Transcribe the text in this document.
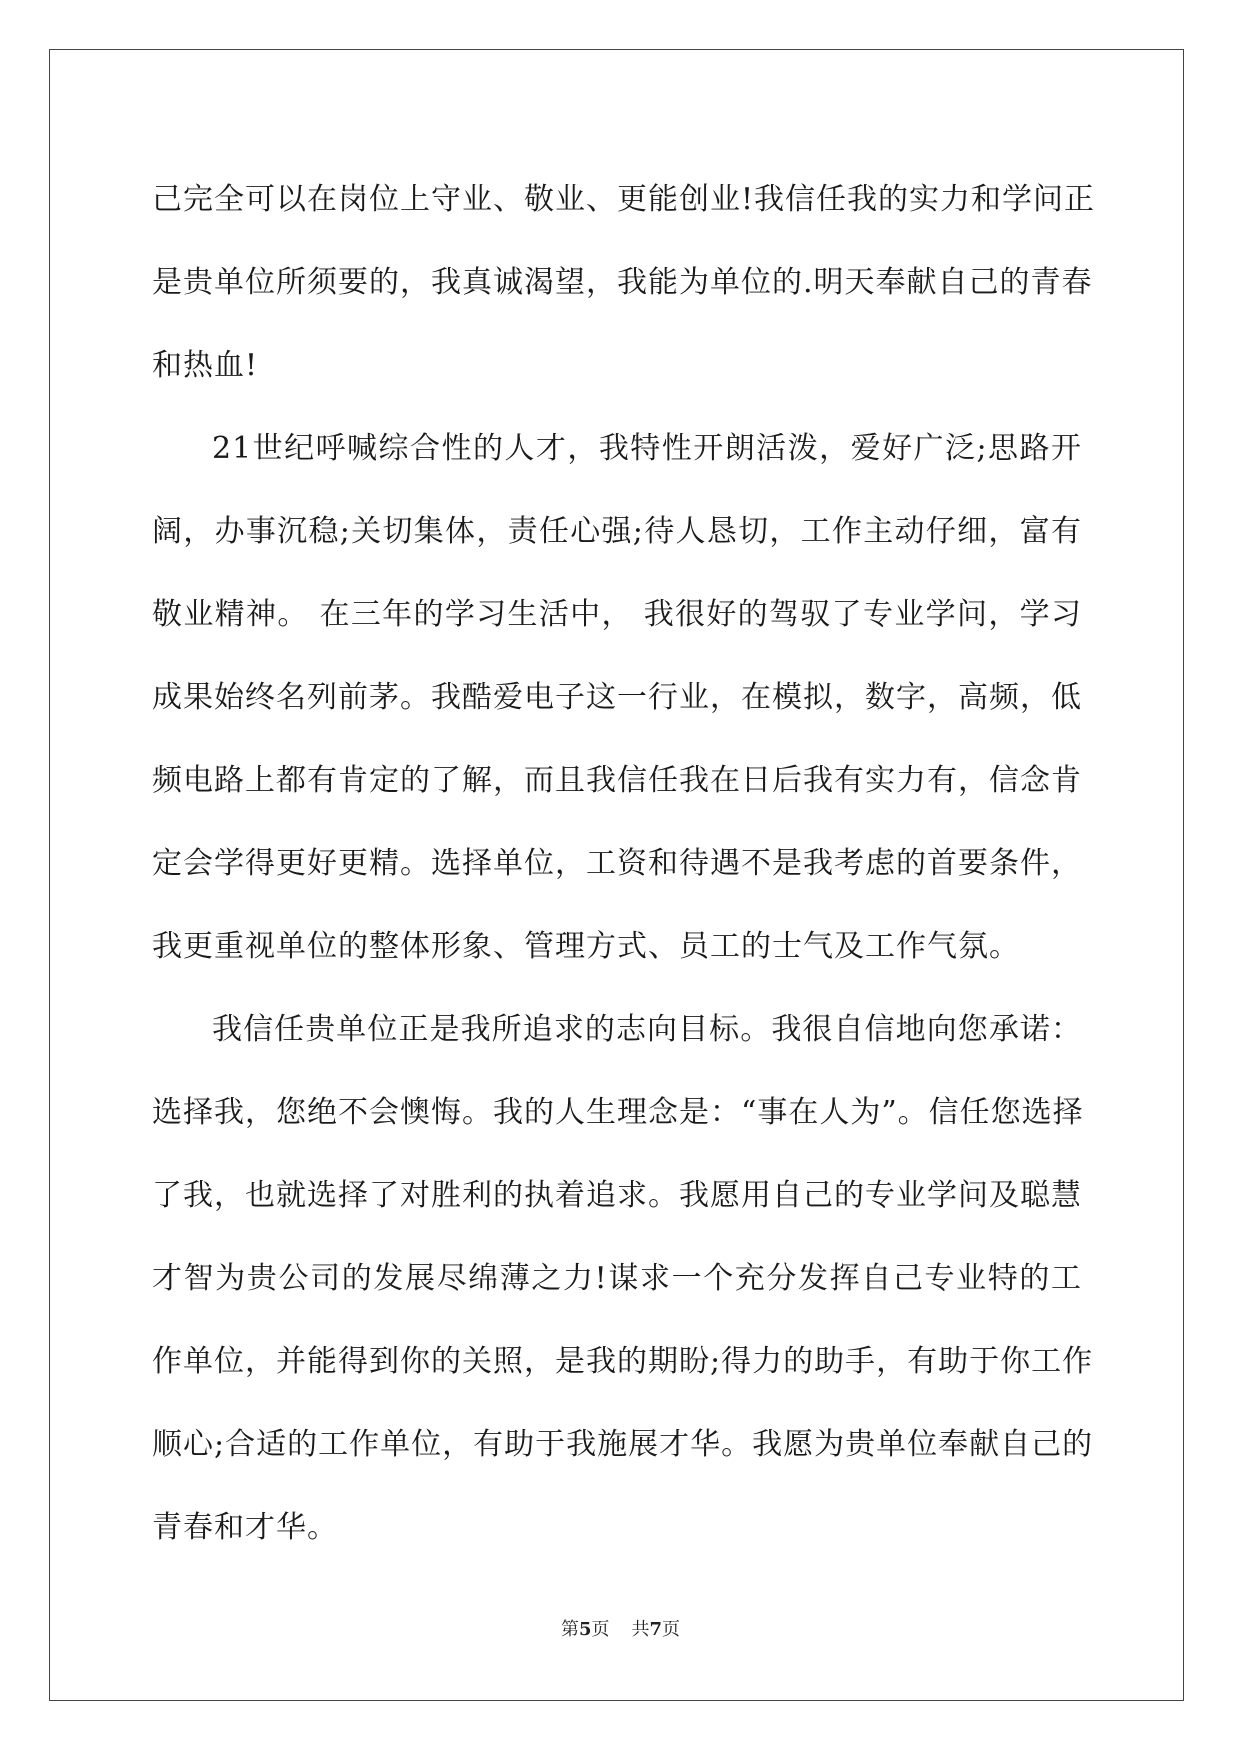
己完全可以在岗位上守业、敬业、更能创业!我信任我的实力和学问正
是贵单位所须要的，我真诚渴望，我能为单位的.明天奉献自己的青春
和热血!
21世纪呼喊综合性的人才，我特性开朗活泼，爱好广泛;思路开
阔，办事沉稳;关切集体，责任心强;待人恳切，工作主动仔细，富有
敬业精神。 在三年的学习生活中， 我很好的驾驭了专业学问，学习
成果始终名列前茅。我酷爱电子这一行业，在模拟，数字，高频，低
频电路上都有肯定的了解，而且我信任我在日后我有实力有，信念肯
定会学得更好更精。选择单位，工资和待遇不是我考虑的首要条件，
我更重视单位的整体形象、管理方式、员工的士气及工作气氛。
我信任贵单位正是我所追求的志向目标。我很自信地向您承诺：
选择我，您绝不会懊悔。我的人生理念是：“事在人为”。信任您选择
了我，也就选择了对胜利的执着追求。我愿用自己的专业学问及聪慧
才智为贵公司的发展尽绵薄之力!谋求一个充分发挥自己专业特的工
作单位，并能得到你的关照，是我的期盼;得力的助手，有助于你工作
顺心;合适的工作单位，有助于我施展才华。我愿为贵单位奉献自己的
青春和才华。
第5页 共7页
